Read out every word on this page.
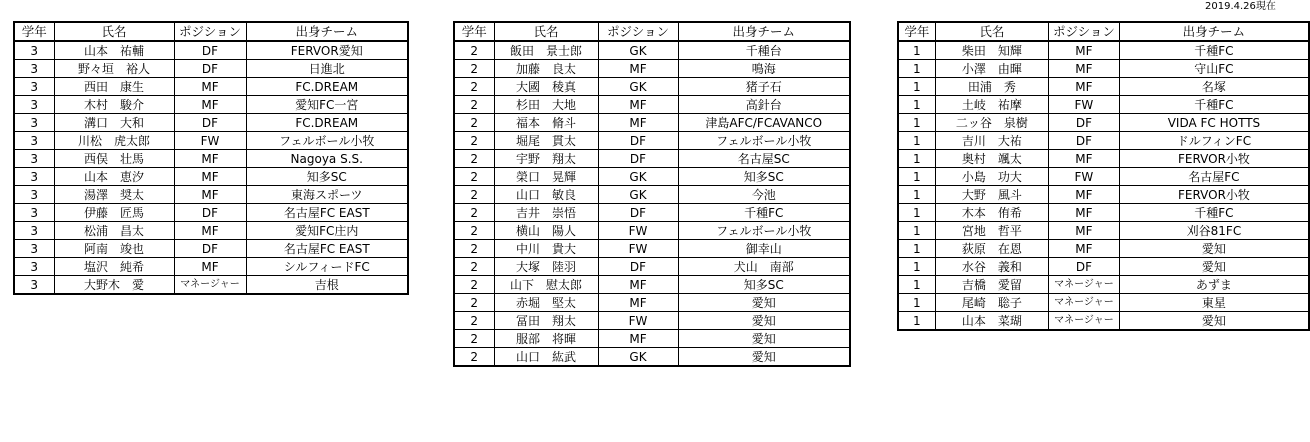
2019.4.26現在
学年	氏名	ポジション	出身チーム
3	山本　祐輔	DF	FERVOR愛知
3	野々垣　裕人	DF	日進北
3	西田　康生	MF	FC.DREAM
3	木村　駿介	MF	愛知FC一宮
3	溝口　大和	DF	FC.DREAM
3	川松　虎太郎	FW	フェルボール小牧
3	西俣　壮馬	MF	Nagoya S.S.
3	山本　恵汐	MF	知多SC
3	湯澤　奨太	MF	東海スポーツ
3	伊藤　匠馬	DF	名古屋FC EAST
3	松浦　昌太	MF	愛知FC庄内
3	阿南　竣也	DF	名古屋FC EAST
3	塩沢　純希	MF	シルフィードFC
3	大野木　愛	マネージャー	吉根
学年	氏名	ポジション	出身チーム
2	飯田　景士郎	GK	千種台
2	加藤　良太	MF	鳴海
2	大國　稜真	GK	猪子石
2	杉田　大地	MF	高針台
2	福本　脩斗	MF	津島AFC/FCAVANCO
2	堀尾　貫太	DF	フェルボール小牧
2	宇野　翔太	DF	名古屋SC
2	榮口　晃輝	GK	知多SC
2	山口　敏良	GK	今池
2	吉井　崇悟	DF	千種FC
2	横山　陽人	FW	フェルボール小牧
2	中川　貴大	FW	御幸山
2	大塚　陸羽	DF	犬山　南部
2	山下　慰太郎	MF	知多SC
2	赤堀　堅太	MF	愛知
2	冨田　翔太	FW	愛知
2	服部　将暉	MF	愛知
2	山口　紘武	GK	愛知
学年	氏名	ポジション	出身チーム
1	柴田　知輝	MF	千種FC
1	小澤　由暉	MF	守山FC
1	田浦　秀	MF	名塚
1	土岐　祐摩	FW	千種FC
1	二ッ谷　泉樹	DF	VIDA FC HOTTS
1	吉川　大祐	DF	ドルフィンFC
1	奥村　颯太	MF	FERVOR小牧
1	小島　功大	FW	名古屋FC
1	大野　風斗	MF	FERVOR小牧
1	木本　侑希	MF	千種FC
1	宮地　哲平	MF	刈谷81FC
1	荻原　在恩	MF	愛知
1	水谷　義和	DF	愛知
1	吉橋　愛留	マネージャー	あずま
1	尾崎　聡子	マネージャー	東星
1	山本　菜瑚	マネージャー	愛知
